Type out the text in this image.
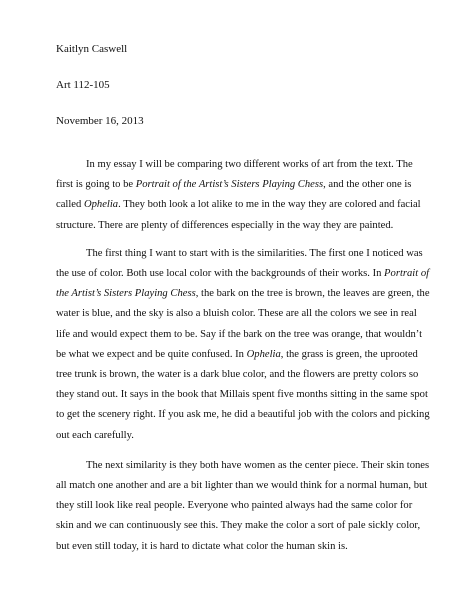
Kaitlyn Caswell
Art 112-105
November 16, 2013

In my essay I will be comparing two different works of art from the text. The first is going to be Portrait of the Artist’s Sisters Playing Chess, and the other one is called Ophelia. They both look a lot alike to me in the way they are colored and facial structure. There are plenty of differences especially in the way they are painted.

The first thing I want to start with is the similarities. The first one I noticed was the use of color. Both use local color with the backgrounds of their works. In Portrait of the Artist’s Sisters Playing Chess, the bark on the tree is brown, the leaves are green, the water is blue, and the sky is also a bluish color. These are all the colors we see in real life and would expect them to be. Say if the bark on the tree was orange, that wouldn’t be what we expect and be quite confused. In Ophelia, the grass is green, the uprooted tree trunk is brown, the water is a dark blue color, and the flowers are pretty colors so they stand out. It says in the book that Millais spent five months sitting in the same spot to get the scenery right. If you ask me, he did a beautiful job with the colors and picking out each carefully.

The next similarity is they both have women as the center piece. Their skin tones all match one another and are a bit lighter than we would think for a normal human, but they still look like real people. Everyone who painted always had the same color for skin and we can continuously see this. They make the color a sort of pale sickly color, but even still today, it is hard to dictate what color the human skin is.
